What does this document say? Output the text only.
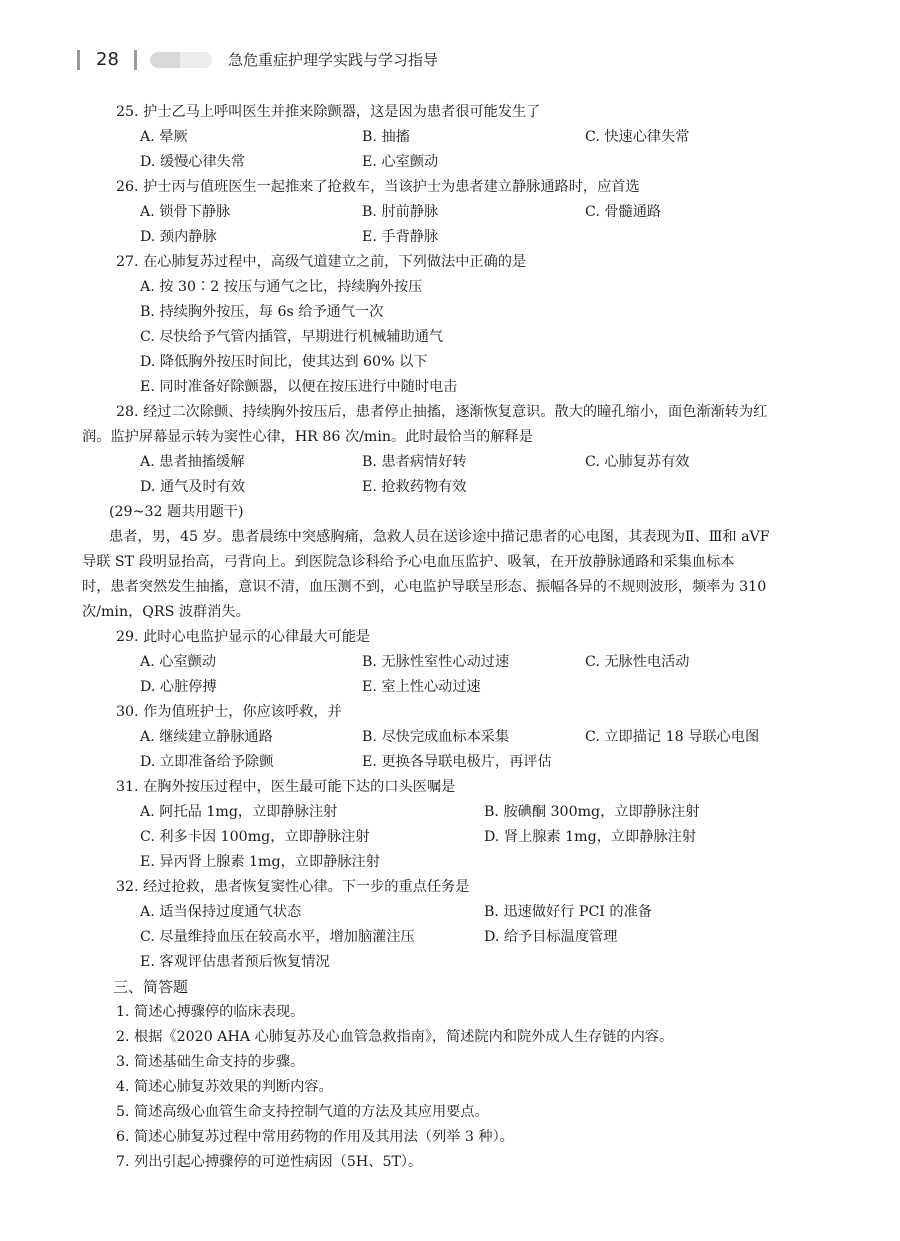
28	急危重症护理学实践与学习指导
25. 护士乙马上呼叫医生并推来除颤器，这是因为患者很可能发生了
A. 晕厥	B. 抽搐	C. 快速心律失常
D. 缓慢心律失常	E. 心室颤动
26. 护士丙与值班医生一起推来了抢救车，当该护士为患者建立静脉通路时，应首选
A. 锁骨下静脉	B. 肘前静脉	C. 骨髓通路
D. 颈内静脉	E. 手背静脉
27. 在心肺复苏过程中，高级气道建立之前，下列做法中正确的是
A. 按 30∶2 按压与通气之比，持续胸外按压
B. 持续胸外按压，每 6s 给予通气一次
C. 尽快给予气管内插管，早期进行机械辅助通气
D. 降低胸外按压时间比，使其达到 60% 以下
E. 同时准备好除颤器，以便在按压进行中随时电击
28. 经过二次除颤、持续胸外按压后，患者停止抽搐，逐渐恢复意识。散大的瞳孔缩小，面色渐渐转为红
润。监护屏幕显示转为窦性心律，HR 86 次/min。此时最恰当的解释是
A. 患者抽搐缓解	B. 患者病情好转	C. 心肺复苏有效
D. 通气及时有效	E. 抢救药物有效
(29~32 题共用题干)
患者，男，45 岁。患者晨练中突感胸痛，急救人员在送诊途中描记患者的心电图，其表现为Ⅱ、Ⅲ和 aVF
导联 ST 段明显抬高，弓背向上。到医院急诊科给予心电血压监护、吸氧，在开放静脉通路和采集血标本
时，患者突然发生抽搐，意识不清，血压测不到，心电监护导联呈形态、振幅各异的不规则波形，频率为 310
次/min，QRS 波群消失。
29. 此时心电监护显示的心律最大可能是
A. 心室颤动	B. 无脉性室性心动过速	C. 无脉性电活动
D. 心脏停搏	E. 室上性心动过速
30. 作为值班护士，你应该呼救，并
A. 继续建立静脉通路	B. 尽快完成血标本采集	C. 立即描记 18 导联心电图
D. 立即准备给予除颤	E. 更换各导联电极片，再评估
31. 在胸外按压过程中，医生最可能下达的口头医嘱是
A. 阿托品 1mg，立即静脉注射	B. 胺碘酮 300mg，立即静脉注射
C. 利多卡因 100mg，立即静脉注射	D. 肾上腺素 1mg，立即静脉注射
E. 异丙肾上腺素 1mg，立即静脉注射
32. 经过抢救，患者恢复窦性心律。下一步的重点任务是
A. 适当保持过度通气状态	B. 迅速做好行 PCI 的准备
C. 尽量维持血压在较高水平，增加脑灌注压	D. 给予目标温度管理
E. 客观评估患者预后恢复情况
三、简答题
1. 简述心搏骤停的临床表现。
2. 根据《2020 AHA 心肺复苏及心血管急救指南》，简述院内和院外成人生存链的内容。
3. 简述基础生命支持的步骤。
4. 简述心肺复苏效果的判断内容。
5. 简述高级心血管生命支持控制气道的方法及其应用要点。
6. 简述心肺复苏过程中常用药物的作用及其用法（列举 3 种）。
7. 列出引起心搏骤停的可逆性病因（5H、5T）。
